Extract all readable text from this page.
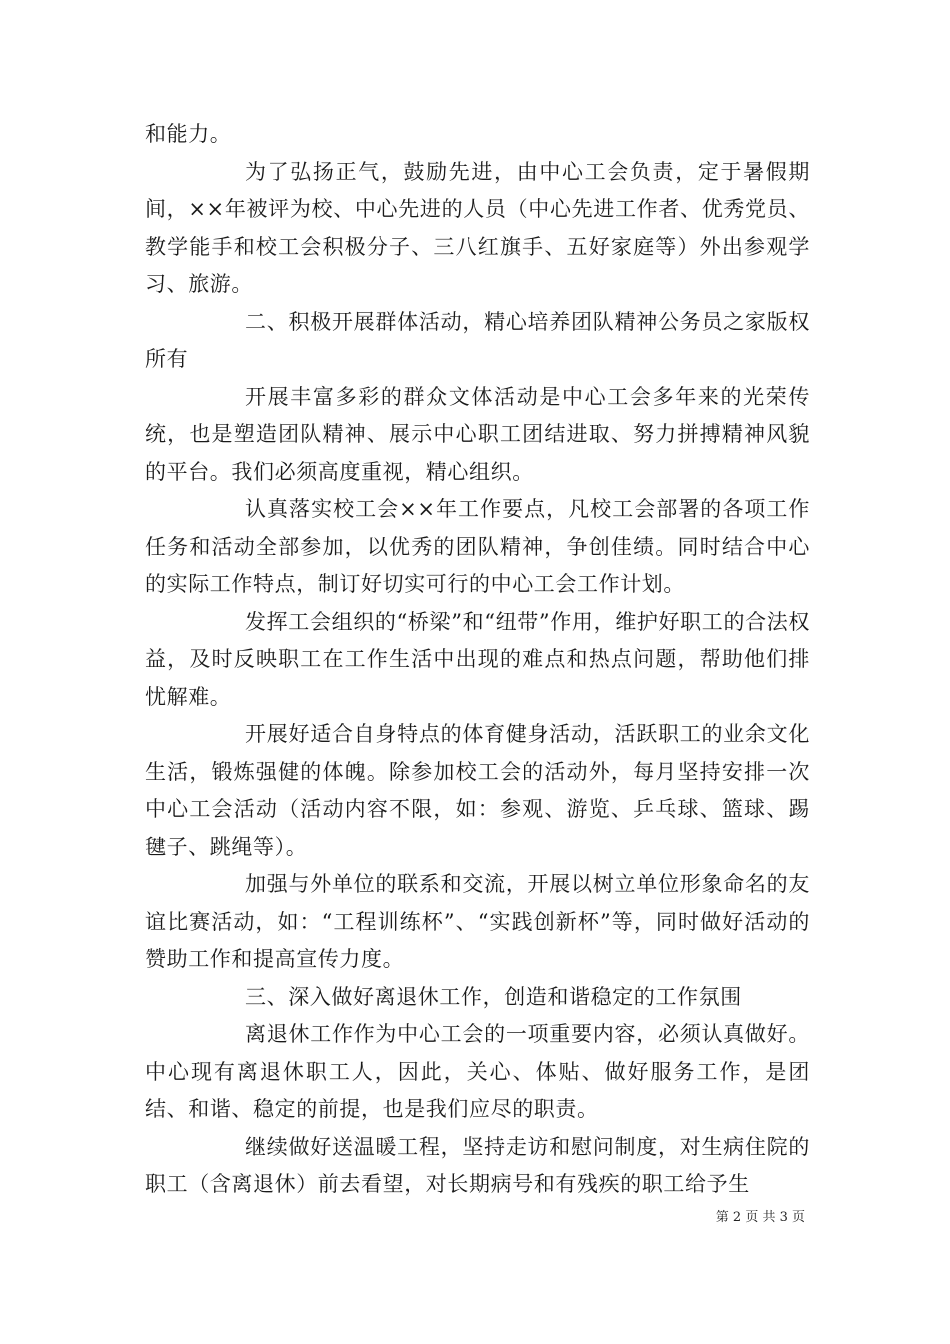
和能力。

为了弘扬正气，鼓励先进，由中心工会负责，定于暑假期间，××年被评为校、中心先进的人员（中心先进工作者、优秀党员、教学能手和校工会积极分子、三八红旗手、五好家庭等）外出参观学习、旅游。

二、积极开展群体活动，精心培养团队精神公务员之家版权所有

开展丰富多彩的群众文体活动是中心工会多年来的光荣传统，也是塑造团队精神、展示中心职工团结进取、努力拼搏精神风貌的平台。我们必须高度重视，精心组织。

认真落实校工会××年工作要点，凡校工会部署的各项工作任务和活动全部参加，以优秀的团队精神，争创佳绩。同时结合中心的实际工作特点，制订好切实可行的中心工会工作计划。

发挥工会组织的“桥梁”和“纽带”作用，维护好职工的合法权益，及时反映职工在工作生活中出现的难点和热点问题，帮助他们排忧解难。

开展好适合自身特点的体育健身活动，活跃职工的业余文化生活，锻炼强健的体魄。除参加校工会的活动外，每月坚持安排一次中心工会活动（活动内容不限，如：参观、游览、乒乓球、篮球、踢毽子、跳绳等）。

加强与外单位的联系和交流，开展以树立单位形象命名的友谊比赛活动，如：“工程训练杯”、“实践创新杯”等，同时做好活动的赞助工作和提高宣传力度。

三、深入做好离退休工作，创造和谐稳定的工作氛围

离退休工作作为中心工会的一项重要内容，必须认真做好。中心现有离退休职工人，因此，关心、体贴、做好服务工作，是团结、和谐、稳定的前提，也是我们应尽的职责。

继续做好送温暖工程，坚持走访和慰问制度，对生病住院的职工（含离退休）前去看望，对长期病号和有残疾的职工给予生

第 2 页 共 3 页
